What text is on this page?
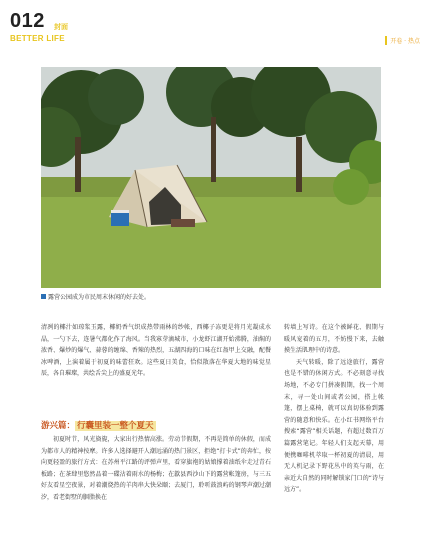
012 封面
BETTER LIFE	开卷 · 热点
露营公园成为市民周末休闲的好去处。

清冽的椰汁如琼浆玉露，椰奶香气织成热带雨林的纱帐，西椰子冻更是将月光凝成水晶，一勺下去，连暑气都化作了海风。当我寡芽滴城市，小龙虾江湖开始沸腾，油焖的浓香、爆炒的爆气、蒜蓉的缠绵、香辣的热烈，五湖四海的口味在红盔甲上交融，配餐冰啤酒，上演着属于初夏的味蕾狂欢。这些夏日美食，恰似散落在华夏大地的味觉星辰，各自璀璨，共绘舌尖上的盛夏光年。

游兴篇： 行囊里装一整个夏天

初夏时节，风光旖旎，大家出行热情高涨。劳动节假期，不再是简单的休假，而成为都市人的精神按摩。许多人选择避开人潮远涌的热门景区，拒绝“打卡式”的奔忙，按向更轻盈的旅行方式：在苏州平江路的评弹声里，看穿旗袍的姑娘撑着油纸伞走过青石板路；在茶肆里悠然品着一碟沾着雨水的杨梅；在歙县西沙山下的露营帐篷房，与三五好友看星空夜景，对着潮烧热的羊肉串大快朵颐；去厦门，聆听鼓浪屿的钢琴声潮过潮汐，看老街墅的胭脂换在

转墙上写诗。在这个被鲜花、假期与暖风宠着的五月，不妨慢下来，去触摸生活肌理中的诗意。

天气转暖，除了远途旅行，露营也是不错的休闲方式。不必刻意寻找场地，不必专门拼凑假期，找一个周末，寻一处山间或者公园，搭上帐篷，摆上桌椅，就可以真切体验到露营的随意和快乐。在小红书网络平台搜索“露营”相关话题，有超过数百万篇露营笔记。年轻人们支起天幕，用便携咖啡机萃取一杯初夏的清晨，用无人机记录下野花丛中的英与雨，在亲近大自然的同时解锁家门口的“诗与远方”。
